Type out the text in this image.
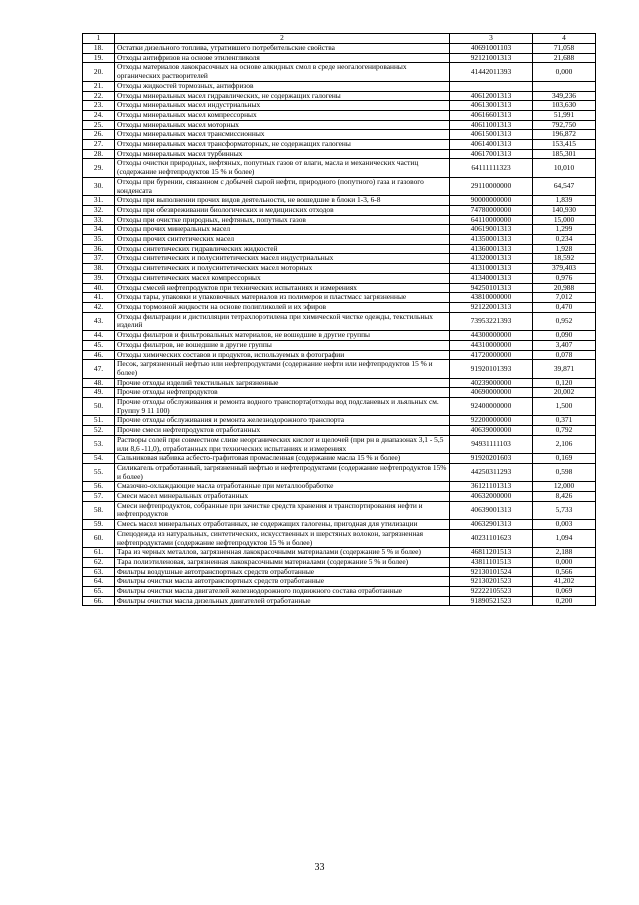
1	2	3	4
18.	Остатки дизельного топлива, утратившего потребительские свойства	40691001103	71,058
19.	Отходы антифризов на основе этиленгликоля	92121001313	21,688
20.	Отходы материалов лакокрасочных на основе алкидных смол в среде неогалогенированных органических растворителей	41442011393	0,000
21.	Отходы жидкостей тормозных, антифризов		
22.	Отходы минеральных масел гидравлических, не содержащих галогены	40612001313	349,236
23.	Отходы минеральных масел индустриальных	40613001313	103,630
24.	Отходы минеральных масел компрессорных	40616601313	51,991
25.	Отходы минеральных масел моторных	40611001313	792,750
26.	Отходы минеральных масел трансмиссионных	40615001313	196,872
27.	Отходы минеральных масел трансформаторных, не содержащих галогены	40614001313	153,415
28.	Отходы минеральных масел турбинных	40617001313	185,301
29.	Отходы очистки природных, нефтяных, попутных газов от влаги, масла и механических частиц (содержание нефтепродуктов 15 % и более)	64111111323	10,010
30.	Отходы при бурении, связанном с добычей сырой нефти, природного (попутного) газа и газового конденсата	29110000000	64,547
31.	Отходы при выполнении прочих видов деятельности, не вошедшие в блоки 1-3, 6-8	90000000000	1,839
32.	Отходы при обезвреживании биологических и медицинских отходов	74780000000	140,930
33.	Отходы при очистке природных, нефтяных, попутных газов	64110000000	15,000
34.	Отходы прочих минеральных масел	40619001313	1,299
35.	Отходы прочих синтетических масел	41350001313	0,234
36.	Отходы синтетических гидравлических жидкостей	41360001313	1,928
37.	Отходы синтетических и полусинтетических масел индустриальных	41320001313	18,592
38.	Отходы синтетических и полусинтетических масел моторных	41310001313	379,403
39.	Отходы синтетических масел компрессорных	41340001313	0,976
40.	Отходы смесей нефтепродуктов при технических испытаниях и измерениях	94250101313	20,988
41.	Отходы тары, упаковки и упаковочных материалов из полимеров и пластмасс загрязненные	43810000000	7,012
42.	Отходы тормозной жидкости на основе полигликолей и их эфиров	92122001313	0,470
43.	Отходы фильтрации и дистилляции тетрахлорэтилена при химической чистке одежды, текстильных изделий	73953221393	0,952
44.	Отходы фильтров и фильтровальных материалов, не вошедшие в другие группы	44300000000	0,090
45.	Отходы фильтров, не вошедшие в другие группы	44310000000	3,407
46.	Отходы химических составов и продуктов, используемых в фотографии	41720000000	0,078
47.	Песок, загрязненный нефтью или нефтепродуктами (содержание нефти или нефтепродуктов 15 % и более)	91920101393	39,871
48.	Прочие отходы изделий текстильных загрязненные	40239000000	0,120
49.	Прочие отходы нефтепродуктов	40690000000	20,002
50.	Прочие отходы обслуживания и ремонта водного транспорта(отходы вод подсланевых и льяльных см. Группу 9 11 100)	92400000000	1,500
51.	Прочие отходы обслуживания и ремонта железнодорожного транспорта	92200000000	0,371
52.	Прочие смеси нефтепродуктов отработанных	40639000000	0,792
53.	Растворы солей при совместном сливе неорганических кислот и щелочей (при рн в диапазонах 3,1 - 5,5 или 8,6 -11,0), отработанных при технических испытаниях и измерениях	94931111103	2,106
54.	Сальниковая набивка асбесто-графитовая промасленная (содержание масла 15 % и более)	91920201603	0,169
55.	Силикагель отработанный, загрязненный нефтью и нефтепродуктами (содержание нефтепродуктов 15% и более)	44250311293	0,598
56.	Смазочно-охлаждающие масла отработанные при металлообработке	36121101313	12,000
57.	Смеси масел минеральных отработанных	40632000000	8,426
58.	Смеси нефтепродуктов, собранные при зачистке средств хранения и транспортирования нефти и нефтепродуктов	40639001313	5,733
59.	Смесь масел минеральных отработанных, не содержащих галогены, пригодная для утилизации	40632901313	0,003
60.	Спецодежда из натуральных, синтетических, искусственных и шерстяных волокон, загрязненная нефтепродуктами (содержание нефтепродуктов 15 % и более)	40231101623	1,094
61.	Тара из черных металлов, загрязненная лакокрасочными материалами (содержание 5 % и более)	46811201513	2,188
62.	Тара полиэтиленовая, загрязненная лакокрасочными материалами (содержание 5 % и более)	43811101513	0,000
63.	Фильтры воздушные автотранспортных средств отработанные	92130101524	0,566
64.	Фильтры очистки масла автотранспортных средств отработанные	92130201523	41,202
65.	Фильтры очистки масла двигателей железнодорожного подвижного состава отработанные	92222105523	0,069
66.	Фильтры очистки масла дизельных двигателей отработанные	91890521523	0,200
33
